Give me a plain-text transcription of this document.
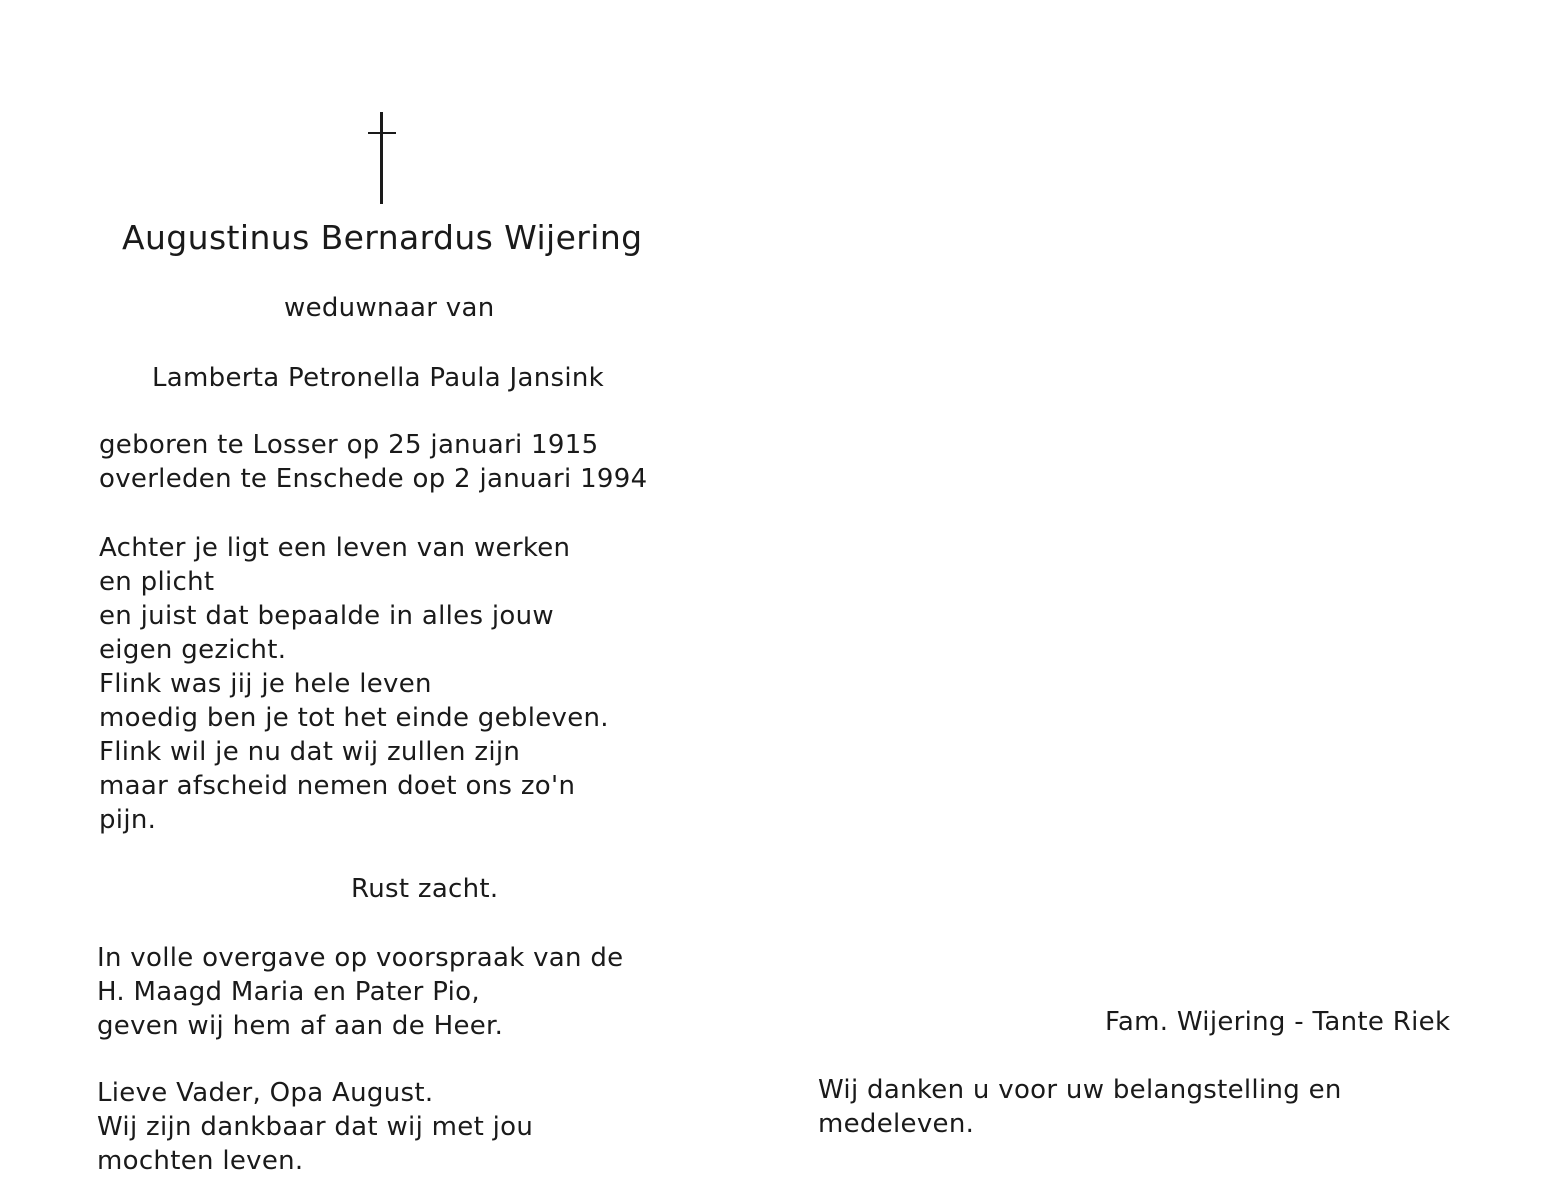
Augustinus Bernardus Wijering
weduwnaar van
Lamberta Petronella Paula Jansink
geboren te Losser op 25 januari 1915
overleden te Enschede op 2 januari 1994
Achter je ligt een leven van werken
en plicht
en juist dat bepaalde in alles jouw
eigen gezicht.
Flink was jij je hele leven
moedig ben je tot het einde gebleven.
Flink wil je nu dat wij zullen zijn
maar afscheid nemen doet ons zo'n
pijn.
Rust zacht.
In volle overgave op voorspraak van de
H. Maagd Maria en Pater Pio,
geven wij hem af aan de Heer.
Lieve Vader, Opa August.
Wij zijn dankbaar dat wij met jou
mochten leven.
Fam. Wijering - Tante Riek
Wij danken u voor uw belangstelling en
medeleven.
